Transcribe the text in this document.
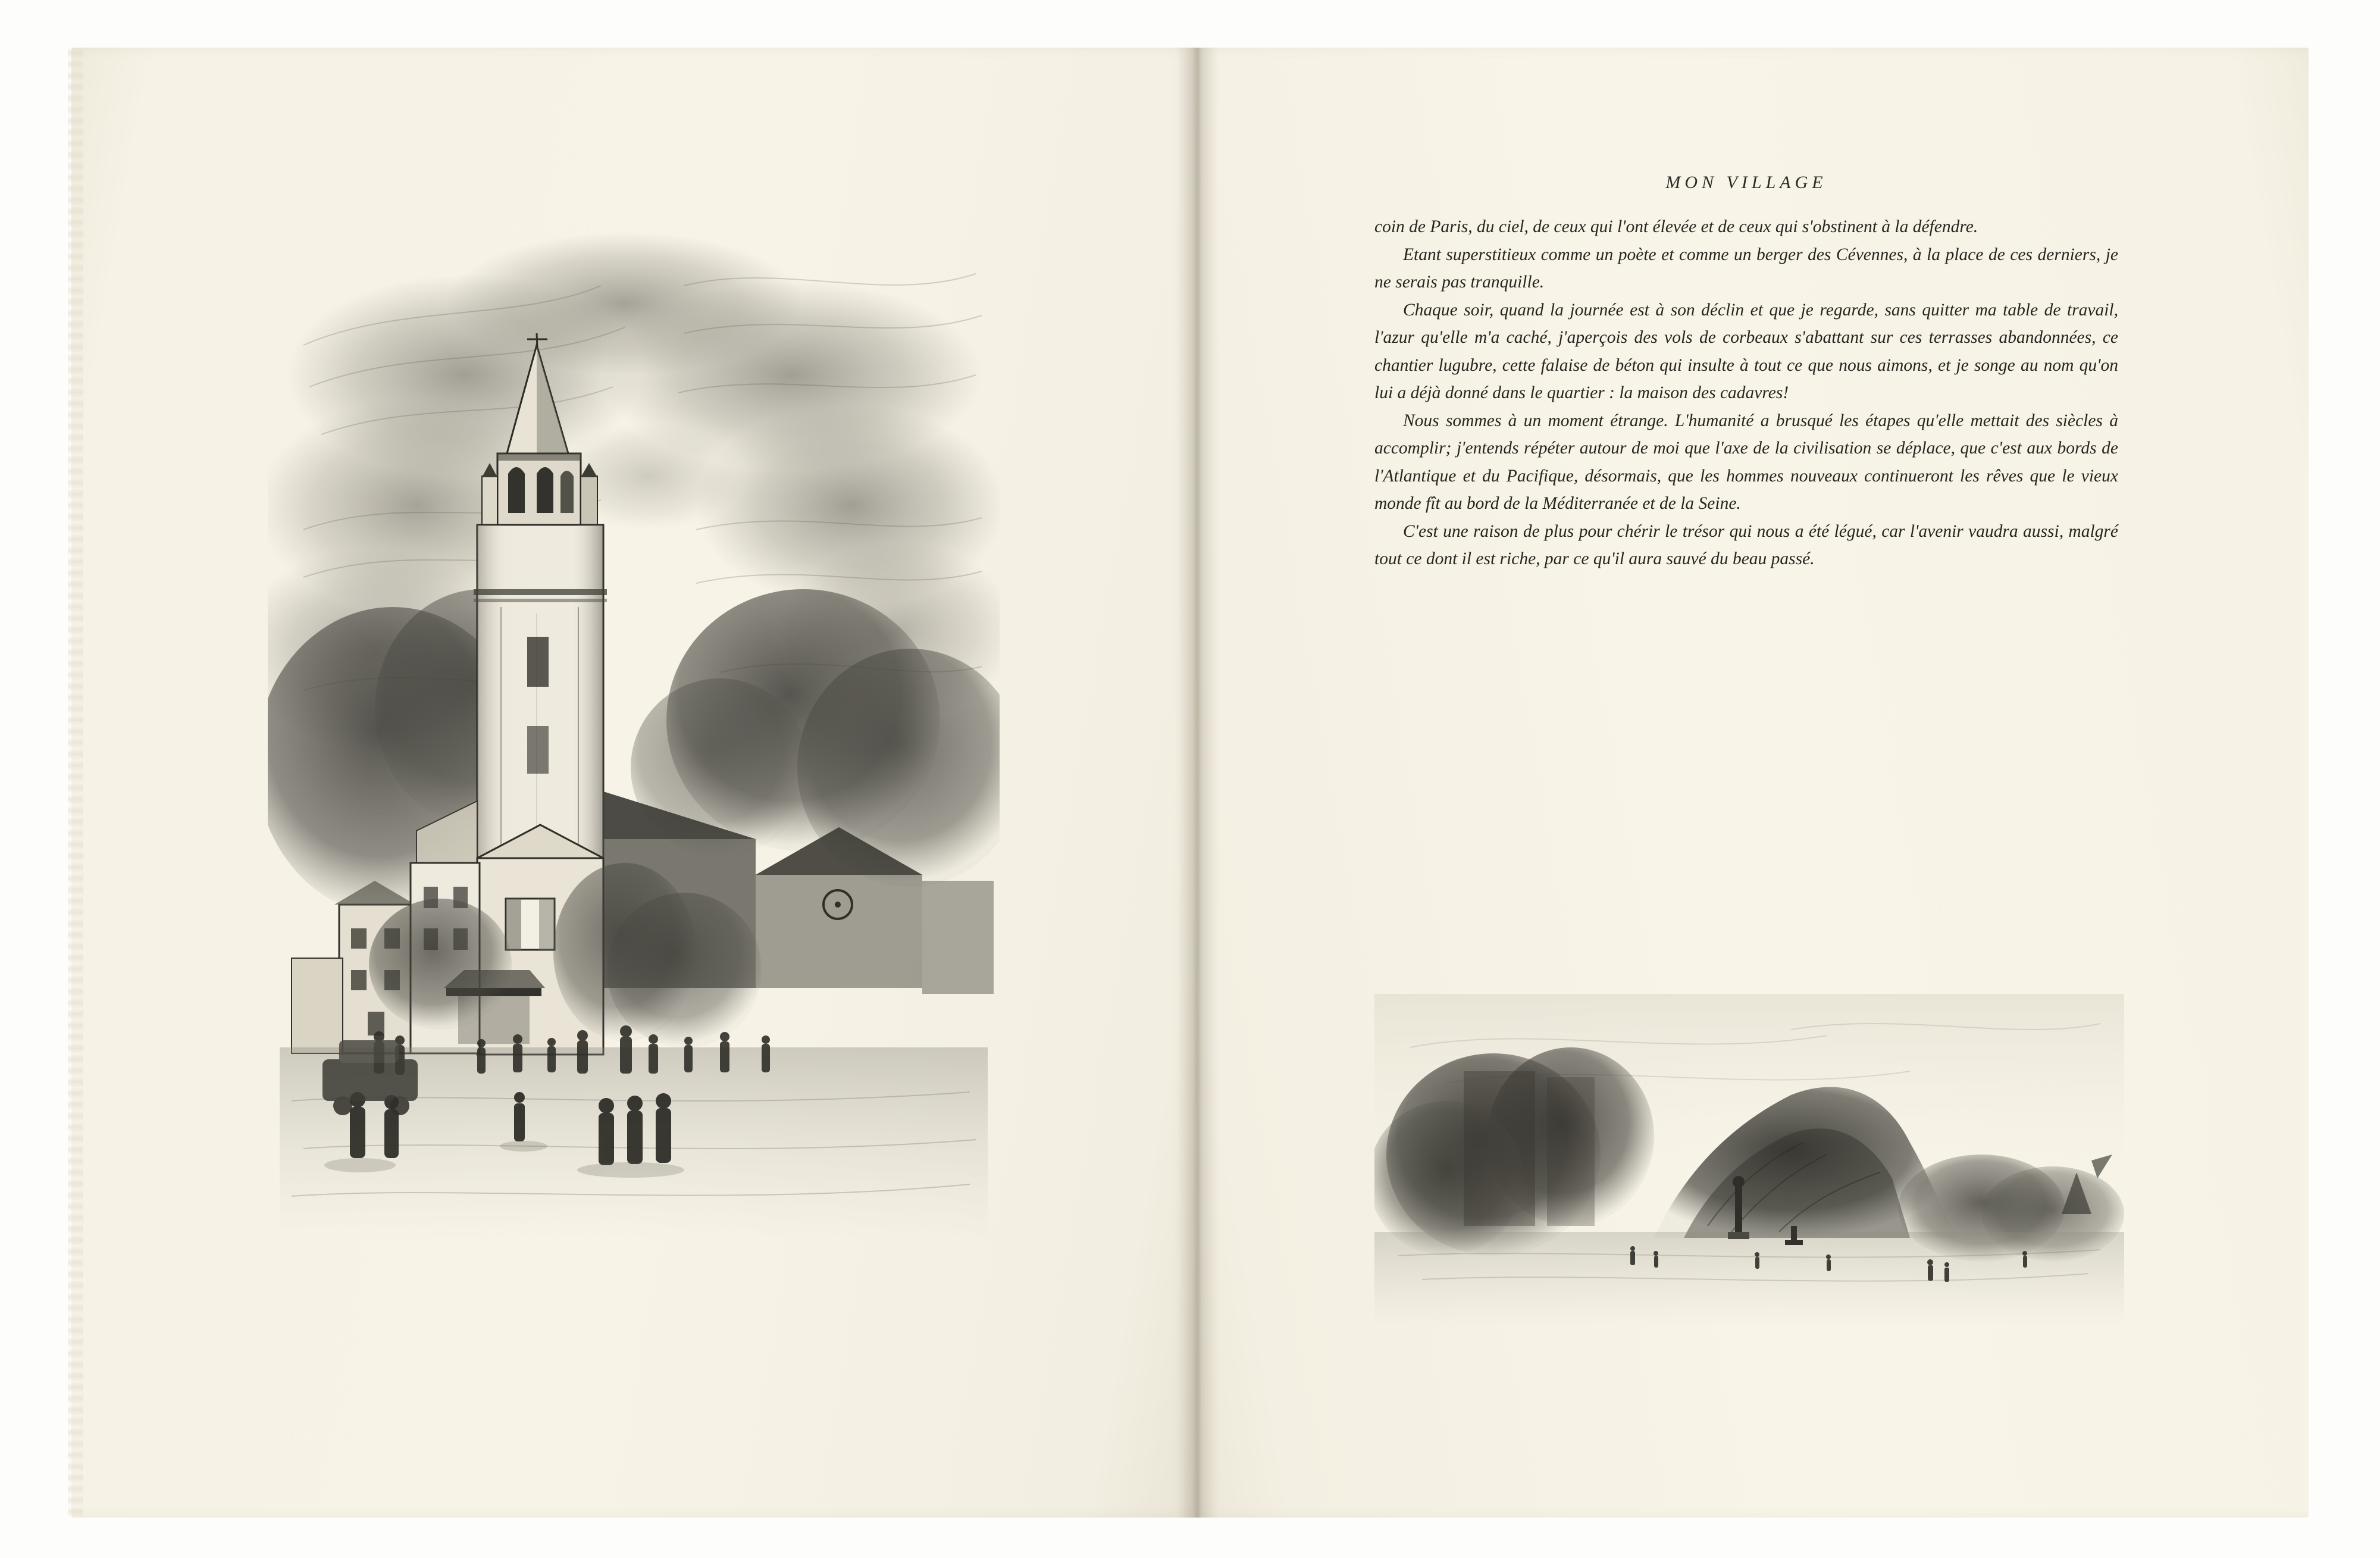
MON VILLAGE

coin de Paris, du ciel, de ceux qui l'ont élevée et de ceux qui s'obstinent à la défendre.

Etant superstitieux comme un poète et comme un berger des Cévennes, à la place de ces derniers, je ne serais pas tranquille.

Chaque soir, quand la journée est à son déclin et que je regarde, sans quitter ma table de travail, l'azur qu'elle m'a caché, j'aperçois des vols de corbeaux s'abattant sur ces terrasses abandonnées, ce chantier lugubre, cette falaise de béton qui insulte à tout ce que nous aimons, et je songe au nom qu'on lui a déjà donné dans le quartier : la maison des cadavres!

Nous sommes à un moment étrange. L'humanité a brusqué les étapes qu'elle mettait des siècles à accomplir; j'entends répéter autour de moi que l'axe de la civilisation se déplace, que c'est aux bords de l'Atlantique et du Pacifique, désormais, que les hommes nouveaux continueront les rêves que le vieux monde fît au bord de la Méditerranée et de la Seine.

C'est une raison de plus pour chérir le trésor qui nous a été légué, car l'avenir vaudra aussi, malgré tout ce dont il est riche, par ce qu'il aura sauvé du beau passé.
